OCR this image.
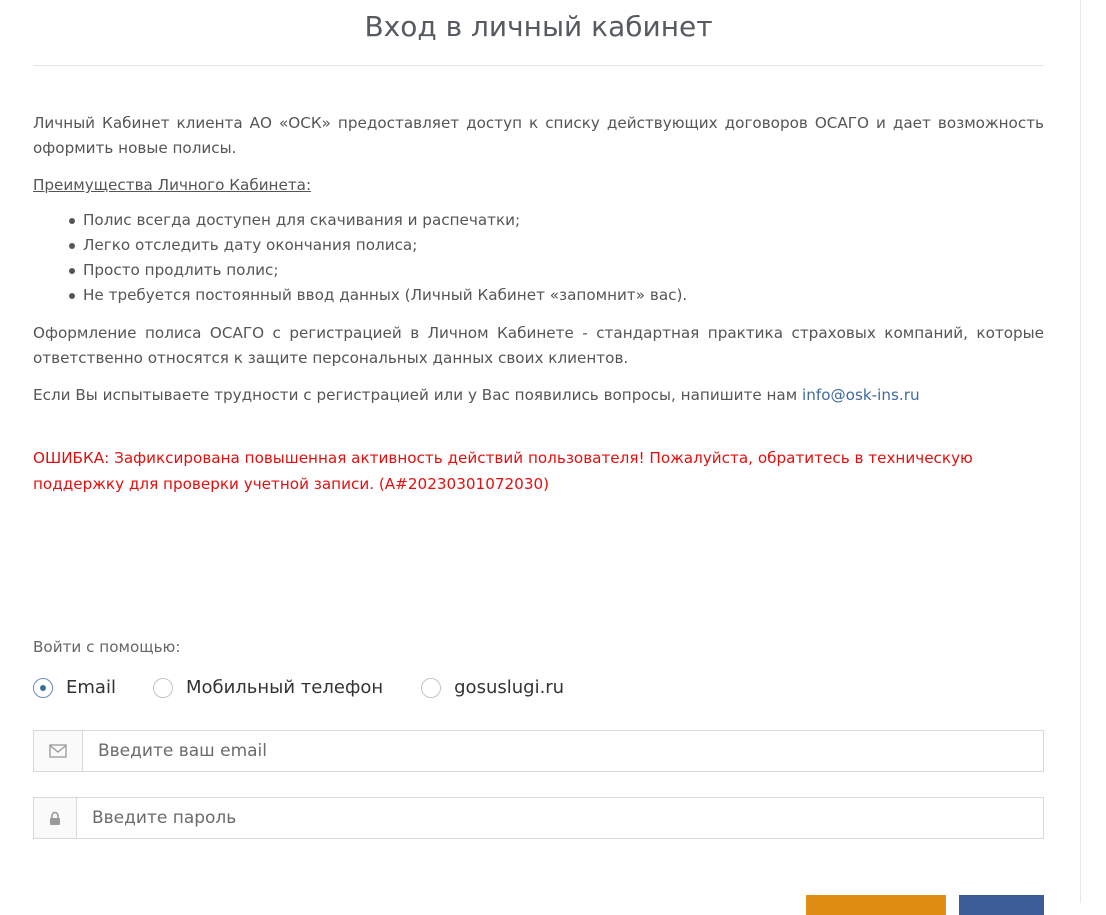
Вход в личный кабинет

Личный Кабинет клиента АО «ОСК» предоставляет доступ к списку действующих договоров ОСАГО и дает возможность оформить новые полисы.

Преимущества Личного Кабинета:

Полис всегда доступен для скачивания и распечатки;
Легко отследить дату окончания полиса;
Просто продлить полис;
Не требуется постоянный ввод данных (Личный Кабинет «запомнит» вас).

Оформление полиса ОСАГО с регистрацией в Личном Кабинете - стандартная практика страховых компаний, которые ответственно относятся к защите персональных данных своих клиентов.

Если Вы испытываете трудности с регистрацией или у Вас появились вопросы, напишите нам info@osk-ins.ru

ОШИБКА: Зафиксирована повышенная активность действий пользователя! Пожалуйста, обратитесь в техническую поддержку для проверки учетной записи. (А#20230301072030)

Войти с помощью:
Email	Мобильный телефон	gosuslugi.ru
Введите ваш email
